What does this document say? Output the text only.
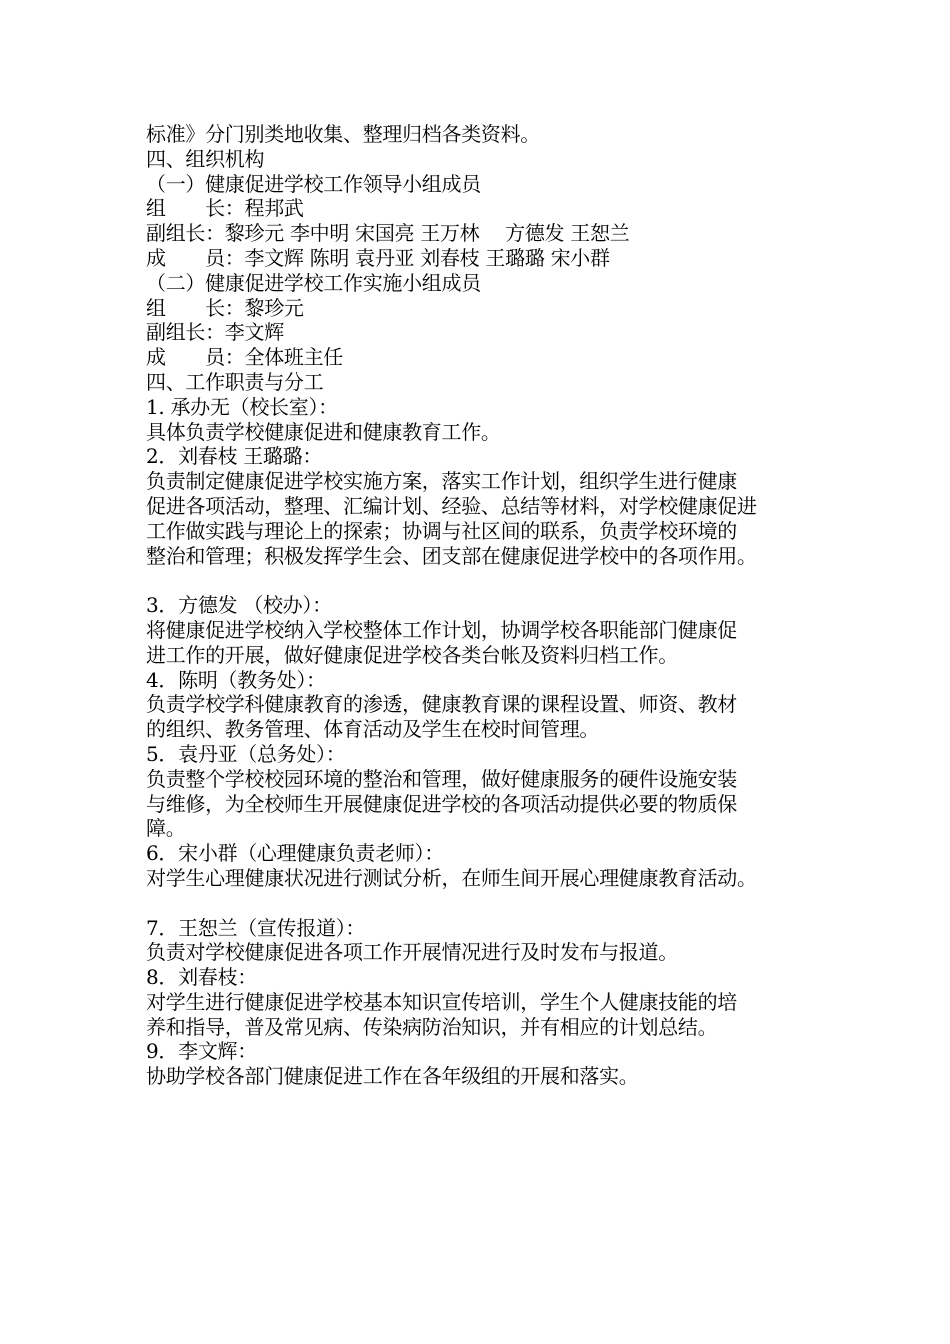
标准》分门别类地收集、整理归档各类资料。
四、组织机构
（一）健康促进学校工作领导小组成员
组　　长：程邦武
副组长：黎珍元 李中明 宋国亮 王万林　 方德发 王恕兰
成　　员：李文辉 陈明 袁丹亚 刘春枝 王璐璐 宋小群
（二）健康促进学校工作实施小组成员
组　　长：黎珍元
副组长：李文辉
成　　员：全体班主任
四、工作职责与分工
1. 承办无（校长室）：
具体负责学校健康促进和健康教育工作。
2．刘春枝 王璐璐：
负责制定健康促进学校实施方案，落实工作计划，组织学生进行健康
促进各项活动，整理、汇编计划、经验、总结等材料，对学校健康促进
工作做实践与理论上的探索；协调与社区间的联系，负责学校环境的
整治和管理；积极发挥学生会、团支部在健康促进学校中的各项作用。
3．方德发 （校办）：
将健康促进学校纳入学校整体工作计划，协调学校各职能部门健康促
进工作的开展，做好健康促进学校各类台帐及资料归档工作。
4．陈明（教务处）：
负责学校学科健康教育的渗透，健康教育课的课程设置、师资、教材
的组织、教务管理、体育活动及学生在校时间管理。
5．袁丹亚（总务处）：
负责整个学校校园环境的整治和管理，做好健康服务的硬件设施安装
与维修，为全校师生开展健康促进学校的各项活动提供必要的物质保
障。
6．宋小群（心理健康负责老师）：
对学生心理健康状况进行测试分析，在师生间开展心理健康教育活动。
7．王恕兰（宣传报道）：
负责对学校健康促进各项工作开展情况进行及时发布与报道。
8．刘春枝：
对学生进行健康促进学校基本知识宣传培训，学生个人健康技能的培
养和指导，普及常见病、传染病防治知识，并有相应的计划总结。
9．李文辉：
协助学校各部门健康促进工作在各年级组的开展和落实。
